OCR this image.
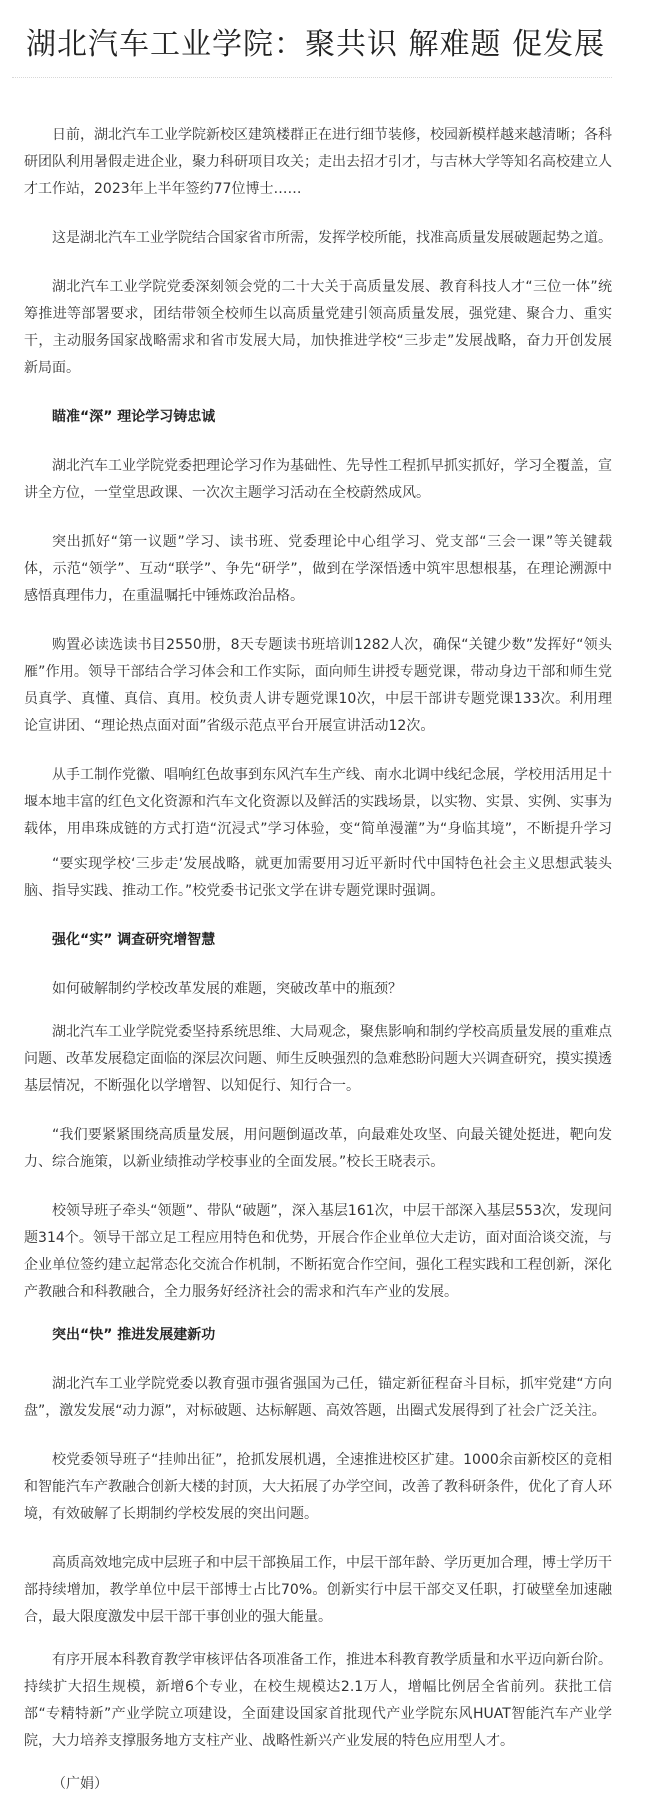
湖北汽车工业学院：聚共识 解难题 促发展

日前，湖北汽车工业学院新校区建筑楼群正在进行细节装修，校园新模样越来越清晰；各科研团队利用暑假走进企业，聚力科研项目攻关；走出去招才引才，与吉林大学等知名高校建立人才工作站，2023年上半年签约77位博士……

这是湖北汽车工业学院结合国家省市所需，发挥学校所能，找准高质量发展破题起势之道。

湖北汽车工业学院党委深刻领会党的二十大关于高质量发展、教育科技人才“三位一体”统筹推进等部署要求，团结带领全校师生以高质量党建引领高质量发展，强党建、聚合力、重实干，主动服务国家战略需求和省市发展大局，加快推进学校“三步走”发展战略，奋力开创发展新局面。

瞄准“深” 理论学习铸忠诚

湖北汽车工业学院党委把理论学习作为基础性、先导性工程抓早抓实抓好，学习全覆盖，宣讲全方位，一堂堂思政课、一次次主题学习活动在全校蔚然成风。

突出抓好“第一议题”学习、读书班、党委理论中心组学习、党支部“三会一课”等关键载体，示范“领学”、互动“联学”、争先“研学”，做到在学深悟透中筑牢思想根基，在理论溯源中感悟真理伟力，在重温嘱托中锤炼政治品格。

购置必读选读书目2550册，8天专题读书班培训1282人次，确保“关键少数”发挥好“领头雁”作用。领导干部结合学习体会和工作实际，面向师生讲授专题党课，带动身边干部和师生党员真学、真懂、真信、真用。校负责人讲专题党课10次，中层干部讲专题党课133次。利用理论宣讲团、“理论热点面对面”省级示范点平台开展宣讲活动12次。

从手工制作党徽、唱响红色故事到东风汽车生产线、南水北调中线纪念展，学校用活用足十堰本地丰富的红色文化资源和汽车文化资源以及鲜活的实践场景，以实物、实景、实例、实事为载体，用串珠成链的方式打造“沉浸式”学习体验，变“简单漫灌”为“身临其境”，不断提升学习

“要实现学校‘三步走’发展战略，就更加需要用习近平新时代中国特色社会主义思想武装头脑、指导实践、推动工作。”校党委书记张文学在讲专题党课时强调。

强化“实” 调查研究增智慧

如何破解制约学校改革发展的难题，突破改革中的瓶颈？

湖北汽车工业学院党委坚持系统思维、大局观念，聚焦影响和制约学校高质量发展的重难点问题、改革发展稳定面临的深层次问题、师生反映强烈的急难愁盼问题大兴调查研究，摸实摸透基层情况，不断强化以学增智、以知促行、知行合一。

“我们要紧紧围绕高质量发展，用问题倒逼改革，向最难处攻坚、向最关键处挺进，靶向发力、综合施策，以新业绩推动学校事业的全面发展。”校长王晓表示。

校领导班子牵头“领题”、带队“破题”，深入基层161次，中层干部深入基层553次，发现问题314个。领导干部立足工程应用特色和优势，开展合作企业单位大走访，面对面洽谈交流，与企业单位签约建立起常态化交流合作机制，不断拓宽合作空间，强化工程实践和工程创新，深化产教融合和科教融合，全力服务好经济社会的需求和汽车产业的发展。

突出“快” 推进发展建新功

湖北汽车工业学院党委以教育强市强省强国为己任，锚定新征程奋斗目标，抓牢党建“方向盘”，激发发展“动力源”，对标破题、达标解题、高效答题，出圈式发展得到了社会广泛关注。

校党委领导班子“挂帅出征”，抢抓发展机遇，全速推进校区扩建。1000余亩新校区的竞相和智能汽车产教融合创新大楼的封顶，大大拓展了办学空间，改善了教科研条件，优化了育人环境，有效破解了长期制约学校发展的突出问题。

高质高效地完成中层班子和中层干部换届工作，中层干部年龄、学历更加合理，博士学历干部持续增加，教学单位中层干部博士占比70%。创新实行中层干部交叉任职，打破壁垒加速融合，最大限度激发中层干部干事创业的强大能量。

有序开展本科教育教学审核评估各项准备工作，推进本科教育教学质量和水平迈向新台阶。持续扩大招生规模，新增6个专业，在校生规模达2.1万人，增幅比例居全省前列。获批工信部“专精特新”产业学院立项建设，全面建设国家首批现代产业学院东风HUAT智能汽车产业学院，大力培养支撑服务地方支柱产业、战略性新兴产业发展的特色应用型人才。

（广娟）
